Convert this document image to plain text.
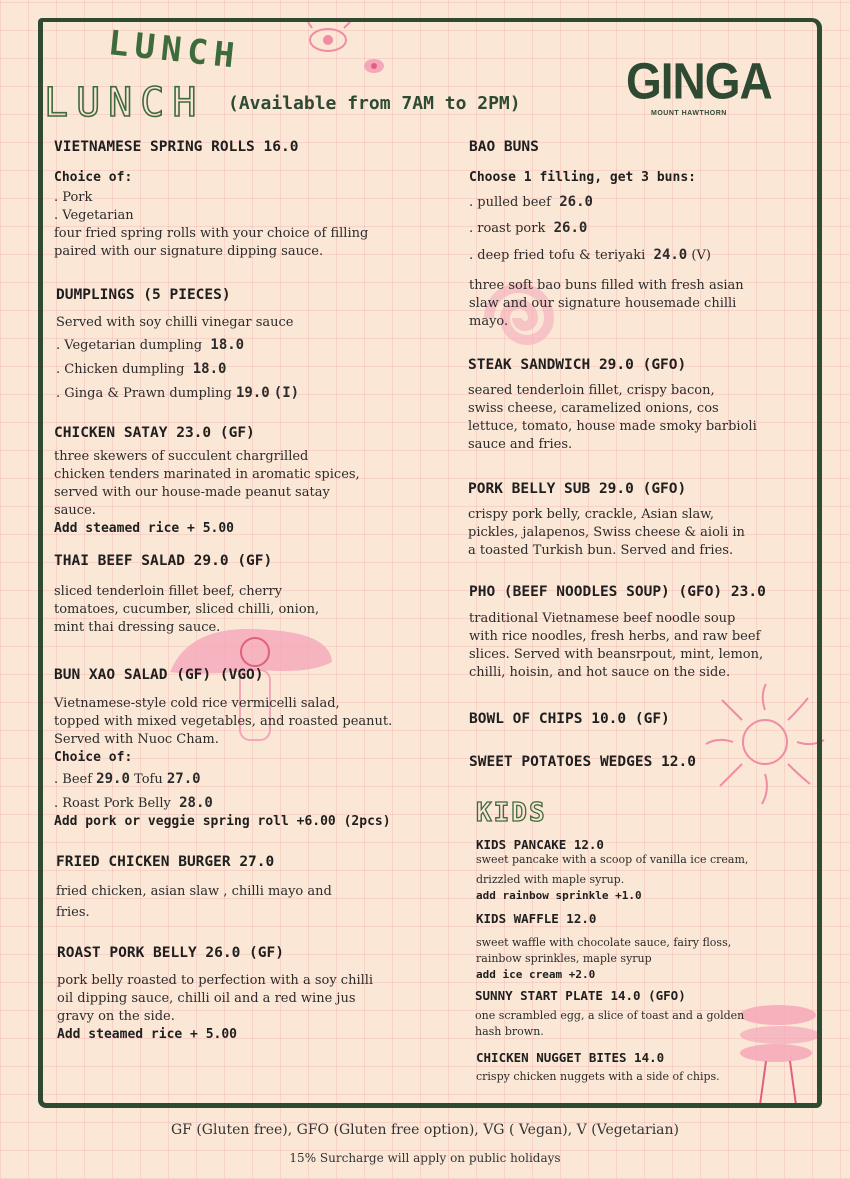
LUNCH
LUNCH (Available from 7AM to 2PM) GINGA
MOUNT HAWTHORN
VIETNAMESE SPRING ROLLS 16.0
Choice of:
. Pork
. Vegetarian
four fried spring rolls with your choice of filling
paired with our signature dipping sauce.
DUMPLINGS (5 PIECES)
Served with soy chilli vinegar sauce
. Vegetarian dumpling 18.0
. Chicken dumpling 18.0
. Ginga & Prawn dumpling 19.0 (I)
CHICKEN SATAY 23.0 (GF)
three skewers of succulent chargrilled
chicken tenders marinated in aromatic spices,
served with our house-made peanut satay
sauce.
Add steamed rice + 5.00
THAI BEEF SALAD 29.0 (GF)
sliced tenderloin fillet beef, cherry
tomatoes, cucumber, sliced chilli, onion,
mint thai dressing sauce.
BUN XAO SALAD (GF) (VGO)
Vietnamese-style cold rice vermicelli salad,
topped with mixed vegetables, and roasted peanut.
Served with Nuoc Cham.
Choice of:
. Beef 29.0 Tofu 27.0
. Roast Pork Belly 28.0
Add pork or veggie spring roll +6.00 (2pcs)
FRIED CHICKEN BURGER 27.0
fried chicken, asian slaw , chilli mayo and
fries.
ROAST PORK BELLY 26.0 (GF)
pork belly roasted to perfection with a soy chilli
oil dipping sauce, chilli oil and a red wine jus
gravy on the side.
Add steamed rice + 5.00
BAO BUNS
Choose 1 filling, get 3 buns:
. pulled beef 26.0
. roast pork 26.0
. deep fried tofu & teriyaki 24.0 (V)
three soft bao buns filled with fresh asian
slaw and our signature housemade chilli
mayo.
STEAK SANDWICH 29.0 (GFO)
seared tenderloin fillet, crispy bacon,
swiss cheese, caramelized onions, cos
lettuce, tomato, house made smoky barbioli
sauce and fries.
PORK BELLY SUB 29.0 (GFO)
crispy pork belly, crackle, Asian slaw,
pickles, jalapenos, Swiss cheese & aioli in
a toasted Turkish bun. Served and fries.
PHO (BEEF NOODLES SOUP) (GFO) 23.0
traditional Vietnamese beef noodle soup
with rice noodles, fresh herbs, and raw beef
slices. Served with beansrpout, mint, lemon,
chilli, hoisin, and hot sauce on the side.
BOWL OF CHIPS 10.0 (GF)
SWEET POTATOES WEDGES 12.0
KIDS
KIDS PANCAKE 12.0
sweet pancake with a scoop of vanilla ice cream,
drizzled with maple syrup.
add rainbow sprinkle +1.0
KIDS WAFFLE 12.0
sweet waffle with chocolate sauce, fairy floss,
rainbow sprinkles, maple syrup
add ice cream +2.0
SUNNY START PLATE 14.0 (GFO)
one scrambled egg, a slice of toast and a golden
hash brown.
CHICKEN NUGGET BITES 14.0
crispy chicken nuggets with a side of chips.
GF (Gluten free), GFO (Gluten free option), VG ( Vegan), V (Vegetarian)
15% Surcharge will apply on public holidays
